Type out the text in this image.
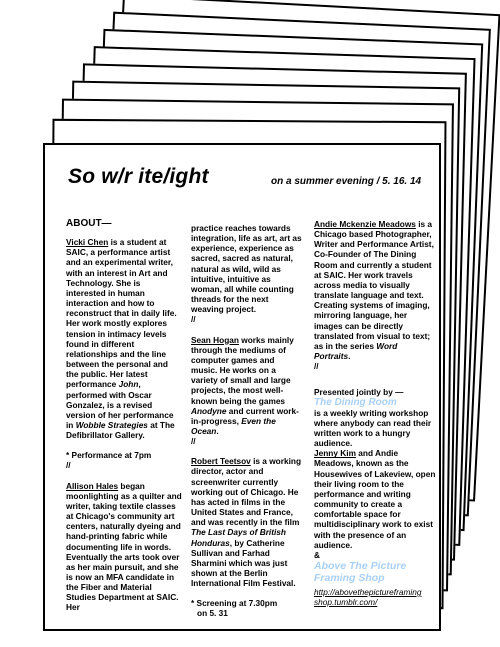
So w/r ite/ight	on a summer evening / 5. 16. 14
ABOUT—

Vicki Chen is a student at SAIC, a performance artist and an experimental writer, with an interest in Art and Technology. She is interested in human interaction and how to reconstruct that in daily life. Her work mostly explores tension in intimacy levels found in different relationships and the line between the personal and the public. Her latest performance John, performed with Oscar Gonzalez, is a revised version of her performance in Wobble Strategies at The Defibrillator Gallery.

* Performance at 7pm
//

Allison Hales began moonlighting as a quilter and writer, taking textile classes at Chicago's community art centers, naturally dyeing and hand-printing fabric while documenting life in words. Eventually the arts took over as her main pursuit, and she is now an MFA candidate in the Fiber and Material Studies Department at SAIC. Her

practice reaches towards integration, life as art, art as experience, experience as sacred, sacred as natural, natural as wild, wild as intuitive, intuitive as woman, all while counting threads for the next weaving project.
//
Sean Hogan works mainly through the mediums of computer games and music. He works on a variety of small and large projects, the most well-known being the games Anodyne and current work-in-progress, Even the Ocean.
//

Robert Teetsov is a working director, actor and screenwriter currently working out of Chicago. He has acted in films in the United States and France, and was recently in the film The Last Days of British Honduras, by Catherine Sullivan and Farhad Sharmini which was just shown at the Berlin International Film Festival.

* Screening at 7.30pm
on 5. 31
Andie Mckenzie Meadows is a Chicago based Photographer, Writer and Performance Artist, Co-Founder of The Dining Room and currently a student at SAIC. Her work travels across media to visually translate language and text. Creating systems of imaging, mirroring language, her images can be directly translated from visual to text; as in the series Word Portraits.
//
Presented jointly by —
The Dining Room
is a weekly writing workshop where anybody can read their written work to a hungry audience.
Jenny Kim and Andie Meadows, known as the Housewives of Lakeview, open their living room to the performance and writing community to create a comfortable space for multidisciplinary work to exist with the presence of an audience.
&
Above The Picture Framing Shop
http://abovethepictureframingshop.tumblr.com/
